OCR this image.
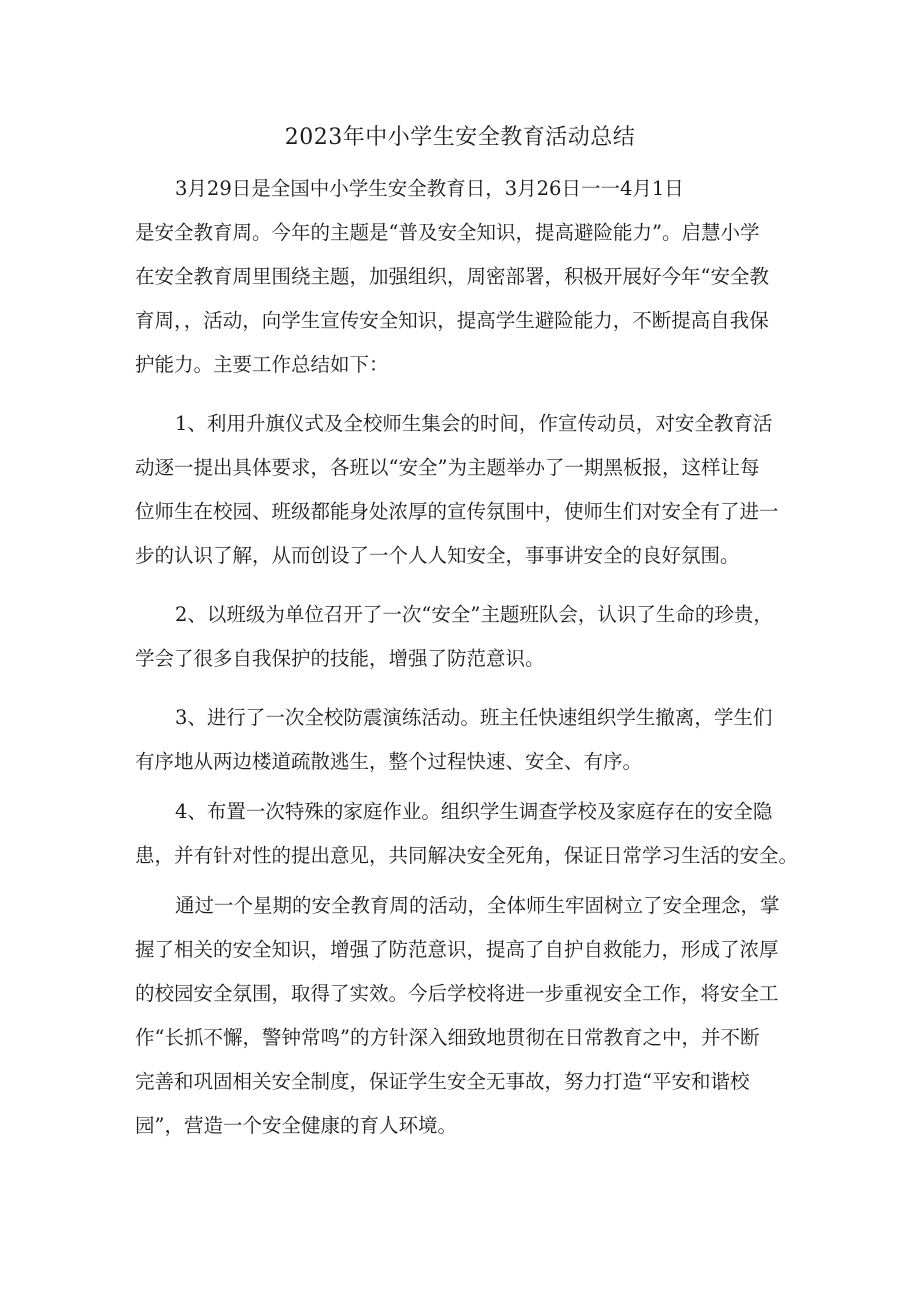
2023年中小学生安全教育活动总结
3月29日是全国中小学生安全教育日，3月26日一一4月1日
是安全教育周。今年的主题是“普及安全知识，提高避险能力”。启慧小学
在安全教育周里围绕主题，加强组织，周密部署，积极开展好今年“安全教
育周，，活动，向学生宣传安全知识，提高学生避险能力，不断提高自我保
护能力。主要工作总结如下：
1、利用升旗仪式及全校师生集会的时间，作宣传动员，对安全教育活
动逐一提出具体要求，各班以“安全”为主题举办了一期黑板报，这样让每
位师生在校园、班级都能身处浓厚的宣传氛围中，使师生们对安全有了进一
步的认识了解，从而创设了一个人人知安全，事事讲安全的良好氛围。
2、以班级为单位召开了一次“安全”主题班队会，认识了生命的珍贵，
学会了很多自我保护的技能，增强了防范意识。
3、进行了一次全校防震演练活动。班主任快速组织学生撤离，学生们
有序地从两边楼道疏散逃生，整个过程快速、安全、有序。
4、布置一次特殊的家庭作业。组织学生调查学校及家庭存在的安全隐
患，并有针对性的提出意见，共同解决安全死角，保证日常学习生活的安全。
通过一个星期的安全教育周的活动，全体师生牢固树立了安全理念，掌
握了相关的安全知识，增强了防范意识，提高了自护自救能力，形成了浓厚
的校园安全氛围，取得了实效。今后学校将进一步重视安全工作，将安全工
作“长抓不懈，警钟常鸣”的方针深入细致地贯彻在日常教育之中，并不断
完善和巩固相关安全制度，保证学生安全无事故，努力打造“平安和谐校
园”，营造一个安全健康的育人环境。
